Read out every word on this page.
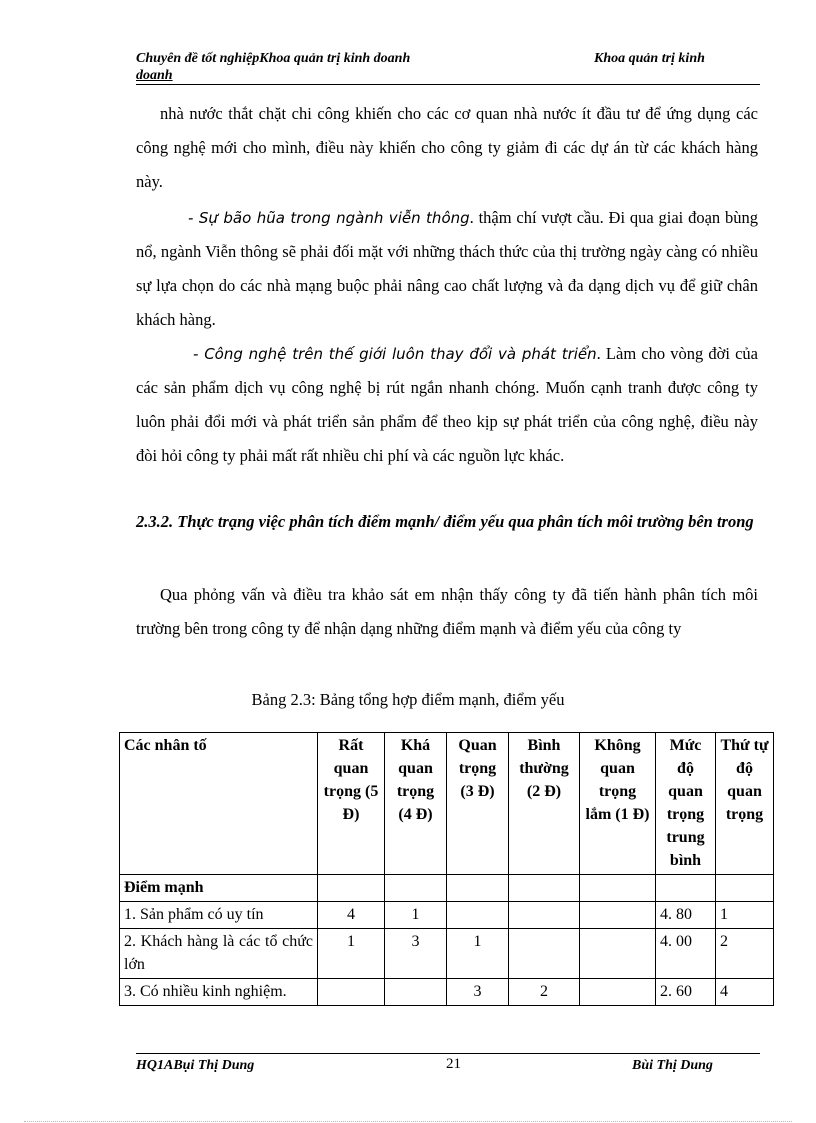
Chuyên đề tốt nghiệpKhoa quản trị kinh doanh	Khoa quản trị kinh
doanh
nhà nước thắt chặt chi công khiến cho các cơ quan nhà nước ít đầu tư để ứng dụng các công nghệ mới cho mình, điều này khiến cho công ty giảm đi các dự án từ các khách hàng này.
- Sự bão hũa trong ngành viễn thông. thậm chí vượt cầu. Đi qua giai đoạn bùng nổ, ngành Viễn thông sẽ phải đối mặt với những thách thức của thị trường ngày càng có nhiều sự lựa chọn do các nhà mạng buộc phải nâng cao chất lượng và đa dạng dịch vụ để giữ chân khách hàng.
- Công nghệ trên thế giới luôn thay đổi và phát triển. Làm cho vòng đời của các sản phẩm dịch vụ công nghệ bị rút ngắn nhanh chóng. Muốn cạnh tranh được công ty luôn phải đổi mới và phát triển sản phẩm để theo kịp sự phát triển của công nghệ, điều này đòi hỏi công ty phải mất rất nhiều chi phí và các nguồn lực khác.
2.3.2. Thực trạng việc phân tích điểm mạnh/ điểm yếu qua phân tích môi trường bên trong
Qua phỏng vấn và điều tra khảo sát em nhận thấy công ty đã tiến hành phân tích môi trường bên trong công ty để nhận dạng những điểm mạnh và điểm yếu của công ty
Bảng 2.3: Bảng tổng hợp điểm mạnh, điểm yếu
Các nhân tố	Rất quan trọng (5 Đ)	Khá quan trọng (4 Đ)	Quan trọng (3 Đ)	Bình thường (2 Đ)	Không quan trọng lắm (1 Đ)	Mức độ quan trọng trung bình	Thứ tự độ quan trọng
Điểm mạnh							
1. Sản phẩm có uy tín	4	1				4. 80	1
2. Khách hàng là các tổ chức lớn	1	3	1			4. 00	2
3. Có nhiều kinh nghiệm.			3	2		2. 60	4
HQ1ABụi Thị Dung	21	Bùi Thị Dung
